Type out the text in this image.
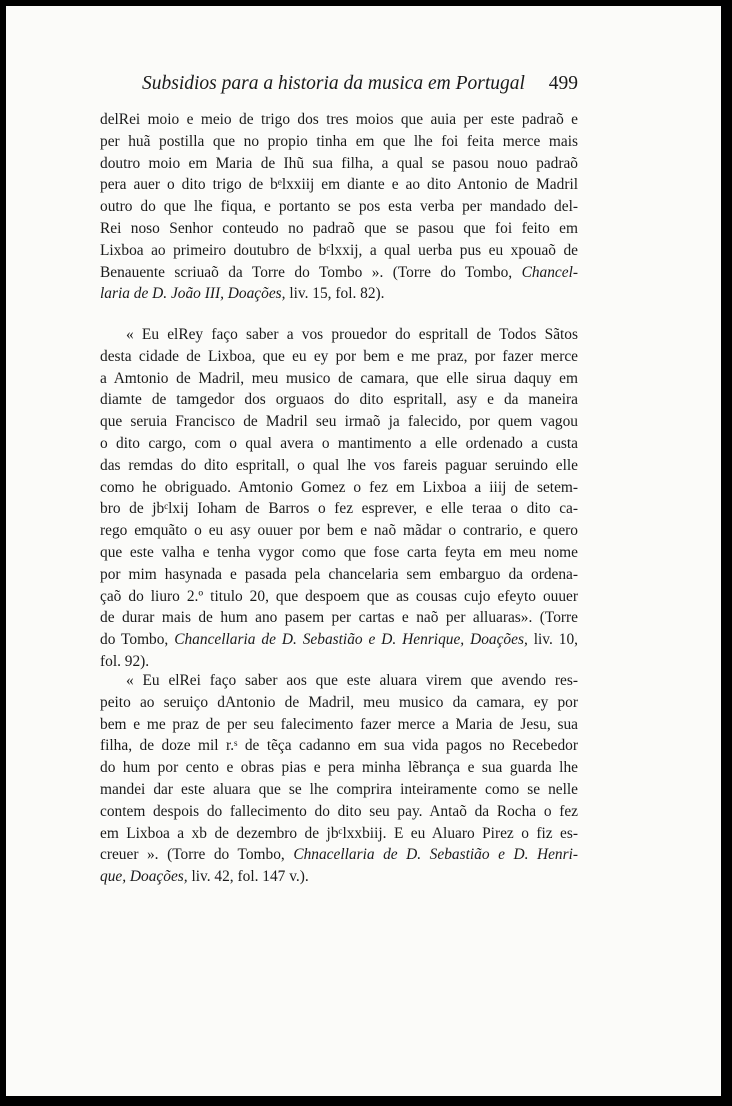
Subsidios para a historia da musica em Portugal 499
delRei moio e meio de trigo dos tres moios que auia per este padraõ e
per huã postilla que no propio tinha em que lhe foi feita merce mais
doutro moio em Maria de Ihũ sua filha, a qual se pasou nouo padraõ
pera auer o dito trigo de bᵉlxxiij em diante e ao dito Antonio de Madril
outro do que lhe fiqua, e portanto se pos esta verba per mandado del-
Rei noso Senhor conteudo no padraõ que se pasou que foi feito em
Lixboa ao primeiro doutubro de bᶜlxxij, a qual uerba pus eu xpouaõ de
Benauente scriuaõ da Torre do Tombo ». (Torre do Tombo, Chancel-
laria de D. João III, Doações, liv. 15, fol. 82).
« Eu elRey faço saber a vos prouedor do espritall de Todos Sãtos
desta cidade de Lixboa, que eu ey por bem e me praz, por fazer merce
a Amtonio de Madril, meu musico de camara, que elle sirua daquy em
diamte de tamgedor dos orguaos do dito espritall, asy e da maneira
que seruia Francisco de Madril seu irmaõ ja falecido, por quem vagou
o dito cargo, com o qual avera o mantimento a elle ordenado a custa
das remdas do dito espritall, o qual lhe vos fareis paguar seruindo elle
como he obriguado. Amtonio Gomez o fez em Lixboa a iiij de setem-
bro de jbᶜlxij Ioham de Barros o fez esprever, e elle teraa o dito ca-
rego emquãto o eu asy ouuer por bem e naõ mãdar o contrario, e quero
que este valha e tenha vygor como que fose carta feyta em meu nome
por mim hasynada e pasada pela chancelaria sem embarguo da ordena-
çaõ do liuro 2.º titulo 20, que despoem que as cousas cujo efeyto ouuer
de durar mais de hum ano pasem per cartas e naõ per alluaras». (Torre
do Tombo, Chancellaria de D. Sebastião e D. Henrique, Doações, liv. 10,
fol. 92).
« Eu elRei faço saber aos que este aluara virem que avendo res-
peito ao seruiço dAntonio de Madril, meu musico da camara, ey por
bem e me praz de per seu falecimento fazer merce a Maria de Jesu, sua
filha, de doze mil r.ˢ de tẽça cadanno em sua vida pagos no Recebedor
do hum por cento e obras pias e pera minha lẽbrança e sua guarda lhe
mandei dar este aluara que se lhe comprira inteiramente como se nelle
contem despois do fallecimento do dito seu pay. Antaõ da Rocha o fez
em Lixboa a xb de dezembro de jbᶜlxxbiij. E eu Aluaro Pirez o fiz es-
creuer ». (Torre do Tombo, Chnacellaria de D. Sebastião e D. Henri-
que, Doações, liv. 42, fol. 147 v.).
